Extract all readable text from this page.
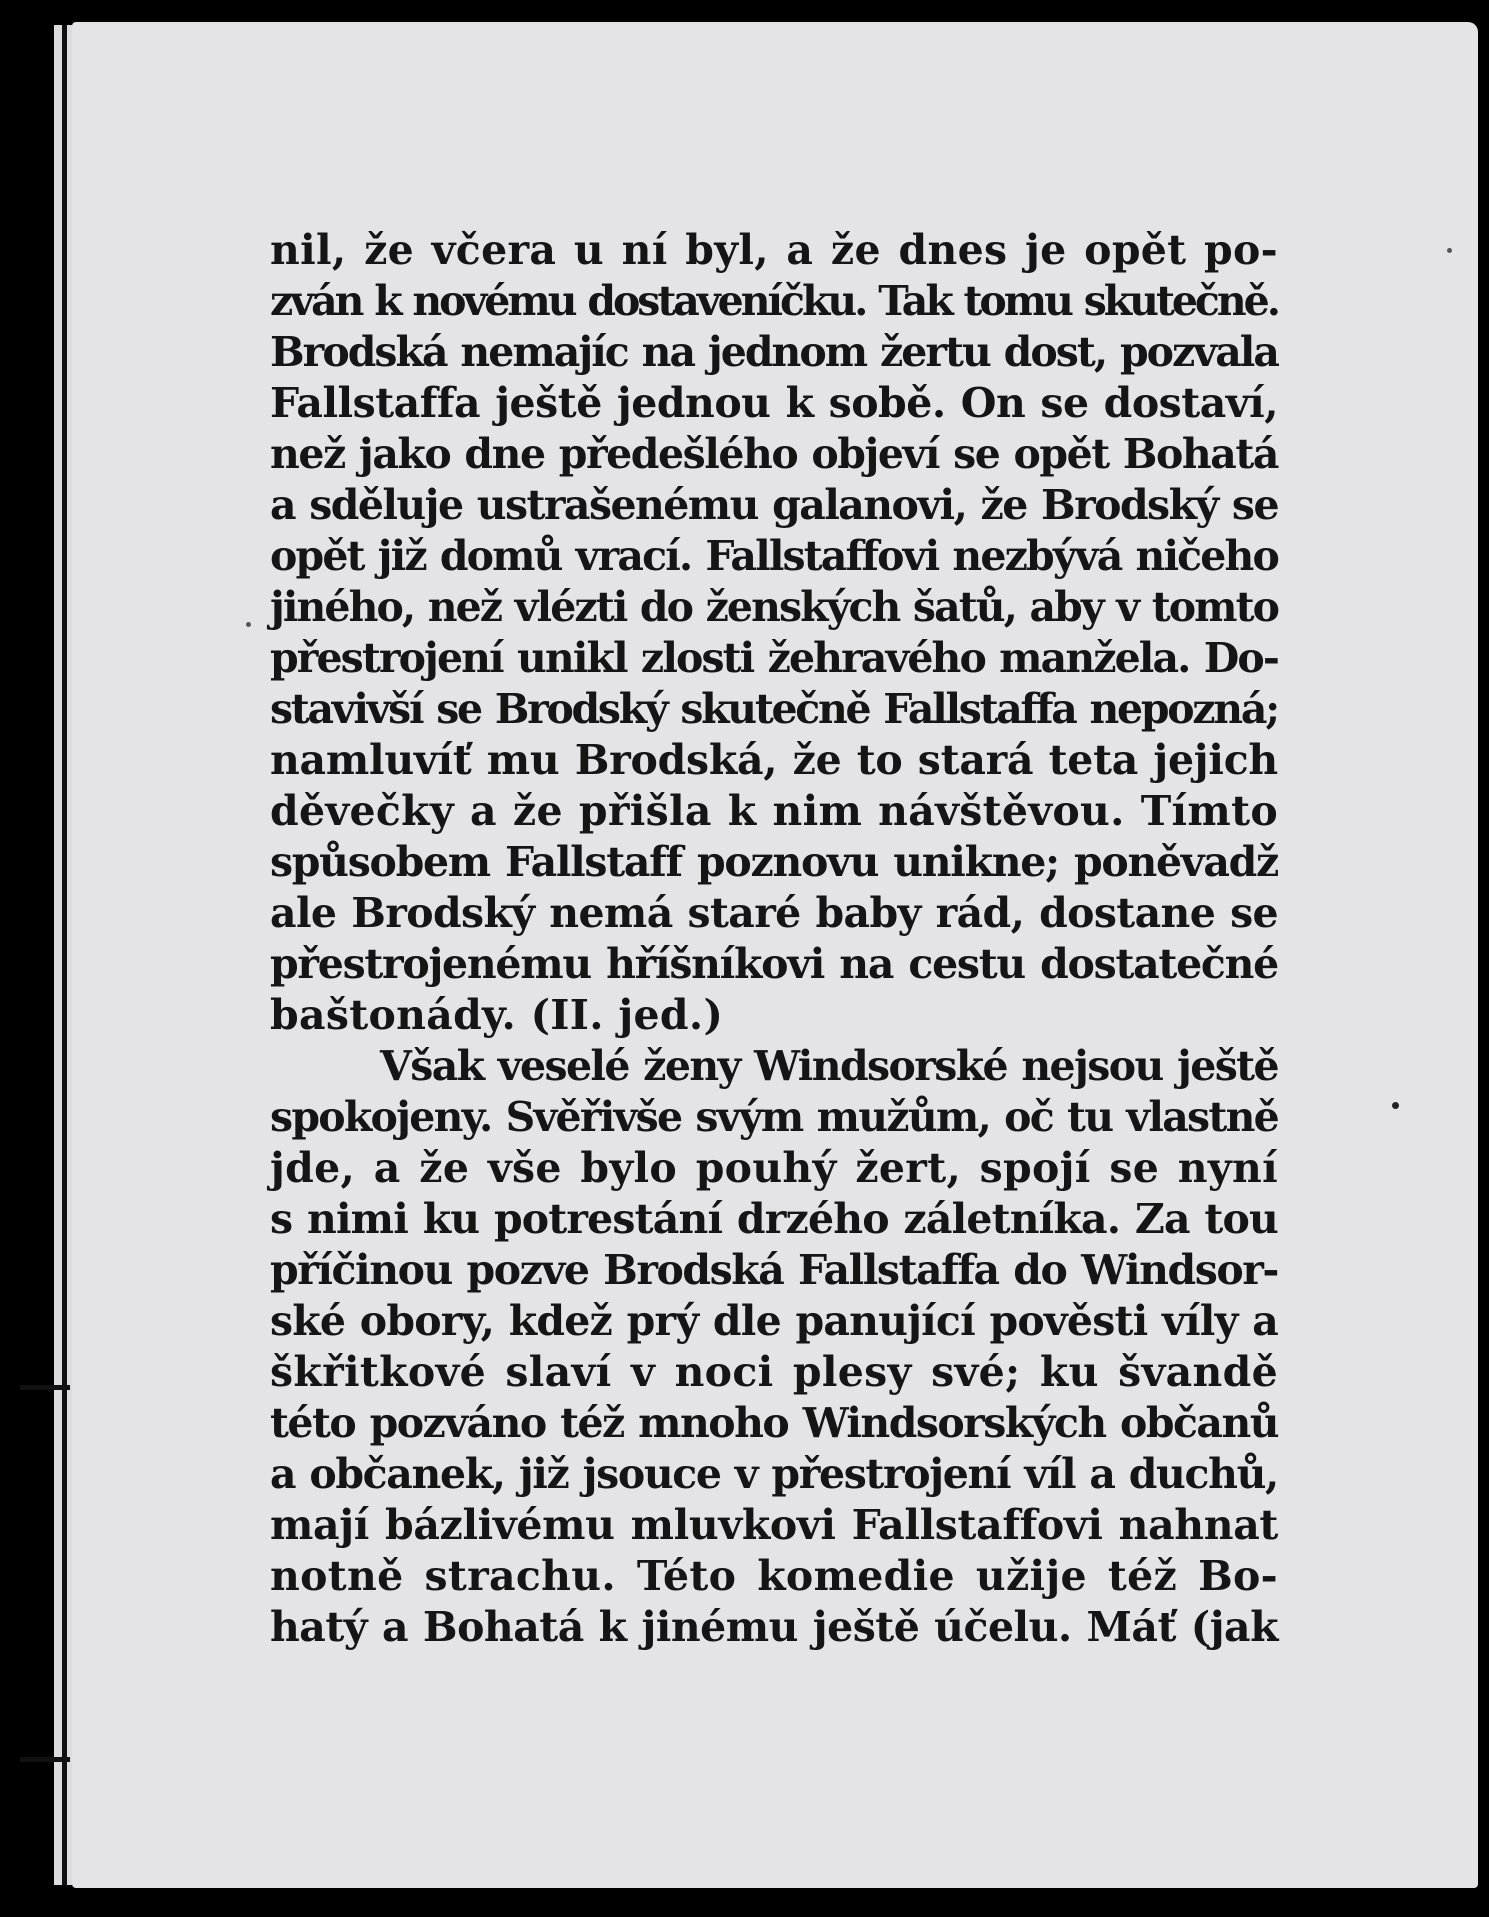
nil, že včera u ní byl, a že dnes je opět po-
zván k novému dostaveníčku. Tak tomu skutečně.
Brodská nemajíc na jednom žertu dost, pozvala
Fallstaffa ještě jednou k sobě. On se dostaví,
než jako dne předešlého objeví se opět Bohatá
a sděluje ustrašenému galanovi, že Brodský se
opět již domů vrací. Fallstaffovi nezbývá ničeho
jiného, než vlézti do ženských šatů, aby v tomto
přestrojení unikl zlosti žehravého manžela. Do-
stavivší se Brodský skutečně Fallstaffa nepozná;
namluvíť mu Brodská, že to stará teta jejich
děvečky a že přišla k nim návštěvou. Tímto
spůsobem Fallstaff poznovu unikne; poněvadž
ale Brodský nemá staré baby rád, dostane se
přestrojenému hříšníkovi na cestu dostatečné
baštonády. (II. jed.)
Však veselé ženy Windsorské nejsou ještě
spokojeny. Svěřivše svým mužům, oč tu vlastně
jde, a že vše bylo pouhý žert, spojí se nyní
s nimi ku potrestání drzého záletníka. Za tou
příčinou pozve Brodská Fallstaffa do Windsor-
ské obory, kdež prý dle panující pověsti víly a
škřitkové slaví v noci plesy své; ku švandě
této pozváno též mnoho Windsorských občanů
a občanek, již jsouce v přestrojení víl a duchů,
mají bázlivému mluvkovi Fallstaffovi nahnat
notně strachu. Této komedie užije též Bo-
hatý a Bohatá k jinému ještě účelu. Máť (jak
